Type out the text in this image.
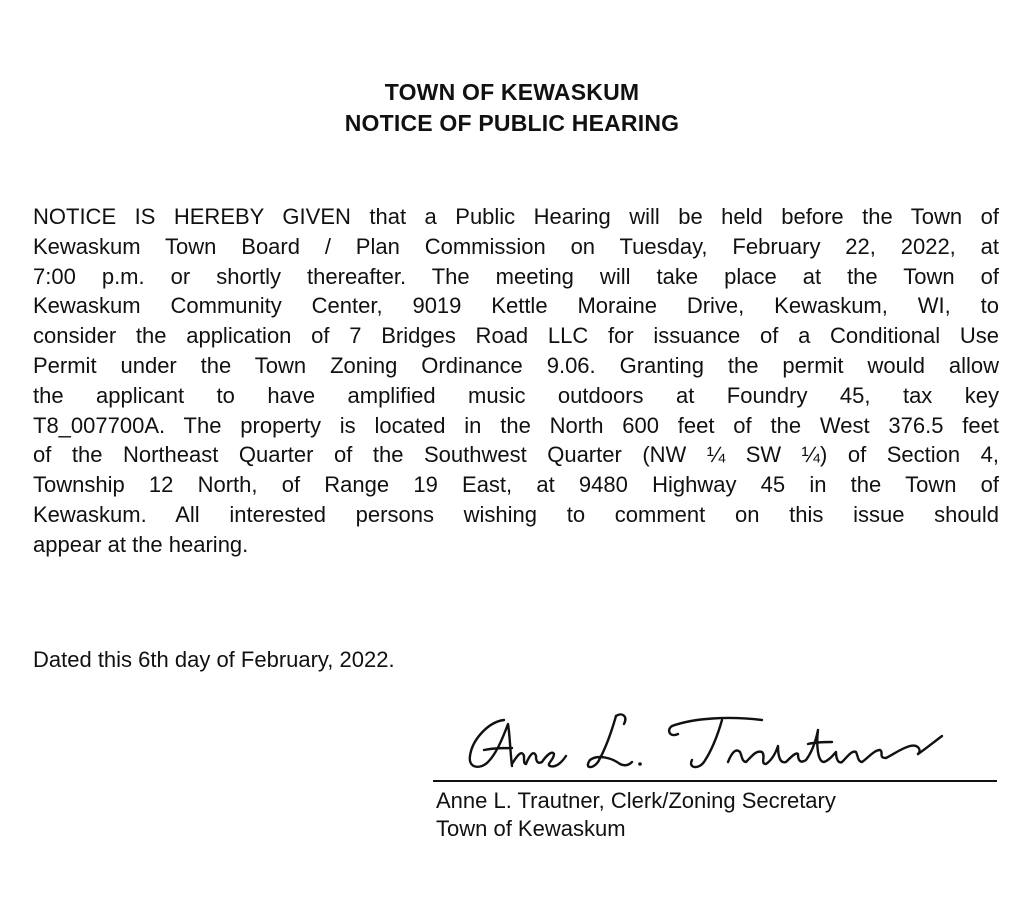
TOWN OF KEWASKUM
NOTICE OF PUBLIC HEARING
NOTICE IS HEREBY GIVEN that a Public Hearing will be held before the Town of
Kewaskum Town Board / Plan Commission on Tuesday, February 22, 2022, at
7:00 p.m. or shortly thereafter. The meeting will take place at the Town of
Kewaskum Community Center, 9019 Kettle Moraine Drive, Kewaskum, WI, to
consider the application of 7 Bridges Road LLC for issuance of a Conditional Use
Permit under the Town Zoning Ordinance 9.06. Granting the permit would allow
the applicant to have amplified music outdoors at Foundry 45, tax key
T8_007700A. The property is located in the North 600 feet of the West 376.5 feet
of the Northeast Quarter of the Southwest Quarter (NW ¼ SW ¼) of Section 4,
Township 12 North, of Range 19 East, at 9480 Highway 45 in the Town of
Kewaskum. All interested persons wishing to comment on this issue should
appear at the hearing.
Dated this 6th day of February, 2022.
Anne L. Trautner, Clerk/Zoning Secretary
Town of Kewaskum
